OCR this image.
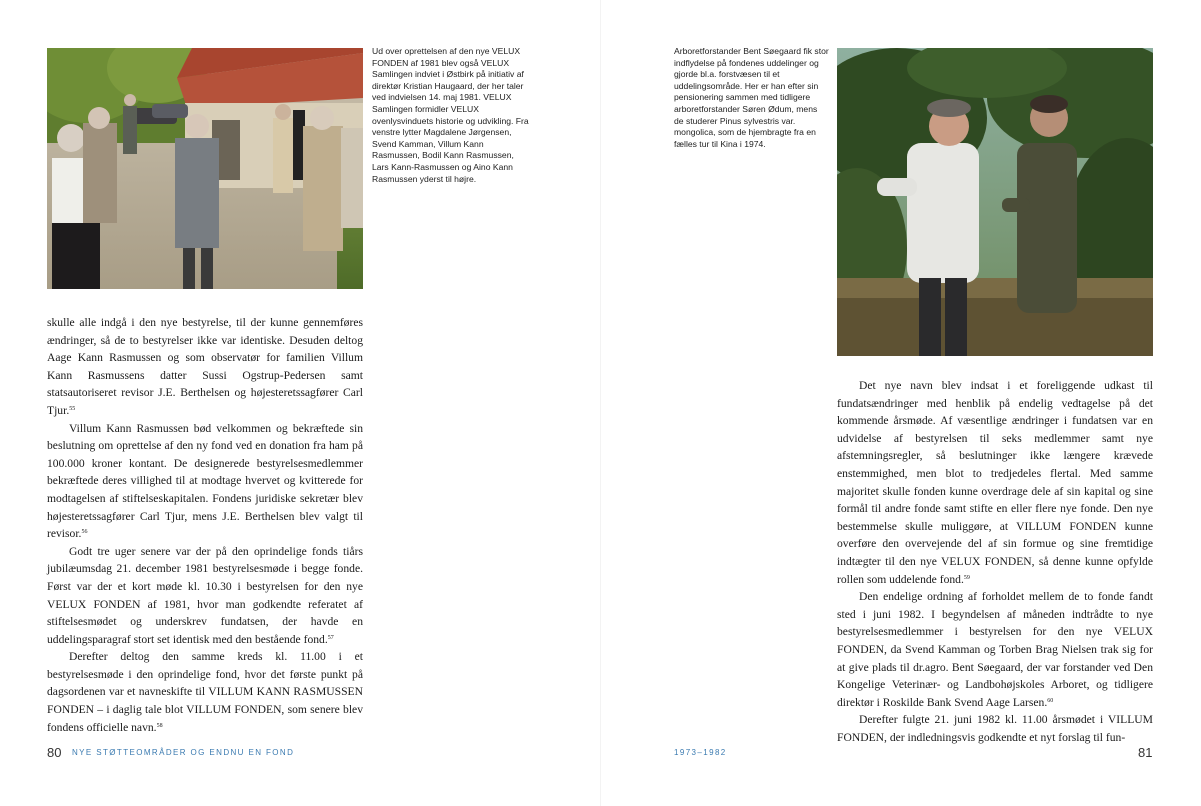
Ud over oprettelsen af den nye VELUX FONDEN af 1981 blev også VELUX Samlingen indviet i Østbirk på initiativ af direktør Kristian Haugaard, der her taler ved indvielsen 14. maj 1981. VELUX Samlingen formidler VELUX ovenlysvinduets historie og udvikling. Fra venstre lytter Magdalene Jørgensen, Svend Kamman, Villum Kann Rasmussen, Bodil Kann Rasmussen, Lars Kann-Rasmussen og Aino Kann Rasmussen yderst til højre.

skulle alle indgå i den nye bestyrelse, til der kunne gennemføres ændringer, så de to bestyrelser ikke var identiske. Desuden deltog Aage Kann Rasmussen og som observatør for familien Villum Kann Rasmussens datter Sussi Ogstrup-Pedersen samt statsautoriseret revisor J.E. Berthelsen og højesteretssagfører Carl Tjur.$^{55}$

Villum Kann Rasmussen bød velkommen og bekræftede sin beslutning om oprettelse af den ny fond ved en donation fra ham på 100.000 kroner kontant. De designerede bestyrelsesmedlemmer bekræftede deres villighed til at modtage hvervet og kvitterede for modtagelsen af stiftelseskapitalen. Fondens juridiske sekretær blev højesteretssagfører Carl Tjur, mens J.E. Berthelsen blev valgt til revisor.$^{56}$

Godt tre uger senere var der på den oprindelige fonds tiårs jubilæumsdag 21. december 1981 bestyrelsesmøde i begge fonde. Først var der et kort møde kl. 10.30 i bestyrelsen for den nye VELUX FONDEN af 1981, hvor man godkendte referatet af stiftelsesmødet og underskrev fundatsen, der havde en uddelingsparagraf stort set identisk med den bestående fond.$^{57}$

Derefter deltog den samme kreds kl. 11.00 i et bestyrelsesmøde i den oprindelige fond, hvor det første punkt på dagsordenen var et navneskifte til VILLUM KANN RASMUSSEN FONDEN – i daglig tale blot VILLUM FONDEN, som senere blev fondens officielle navn.$^{58}$

80 NYE STØTTEOMRÅDER OG ENDNU EN FOND

Arboretforstander Bent Søegaard fik stor indflydelse på fondenes uddelinger og gjorde bl.a. forstvæsen til et uddelingsområde. Her er han efter sin pensionering sammen med tidligere arboretforstander Søren Ødum, mens de studerer Pinus sylvestris var. mongolica, som de hjembragte fra en fælles tur til Kina i 1974.

Det nye navn blev indsat i et foreliggende udkast til fundatsændringer med henblik på endelig vedtagelse på det kommende årsmøde. Af væsentlige ændringer i fundatsen var en udvidelse af bestyrelsen til seks medlemmer samt nye afstemningsregler, så beslutninger ikke længere krævede enstemmighed, men blot to tredjedeles flertal. Med samme majoritet skulle fonden kunne overdrage dele af sin kapital og sine formål til andre fonde samt stifte en eller flere nye fonde. Den nye bestemmelse skulle muliggøre, at VILLUM FONDEN kunne overføre den overvejende del af sin formue og sine fremtidige indtægter til den nye VELUX FONDEN, så denne kunne opfylde rollen som uddelende fond.$^{59}$

Den endelige ordning af forholdet mellem de to fonde fandt sted i juni 1982. I begyndelsen af måneden indtrådte to nye bestyrelsesmedlemmer i bestyrelsen for den nye VELUX FONDEN, da Svend Kamman og Torben Brag Nielsen trak sig for at give plads til dr.agro. Bent Søegaard, der var forstander ved Den Kongelige Veterinær- og Landbohøjskoles Arboret, og tidligere direktør i Roskilde Bank Svend Aage Larsen.$^{60}$

Derefter fulgte 21. juni 1982 kl. 11.00 årsmødet i VILLUM FONDEN, der indledningsvis godkendte et nyt forslag til fun-

1973–1982	81
